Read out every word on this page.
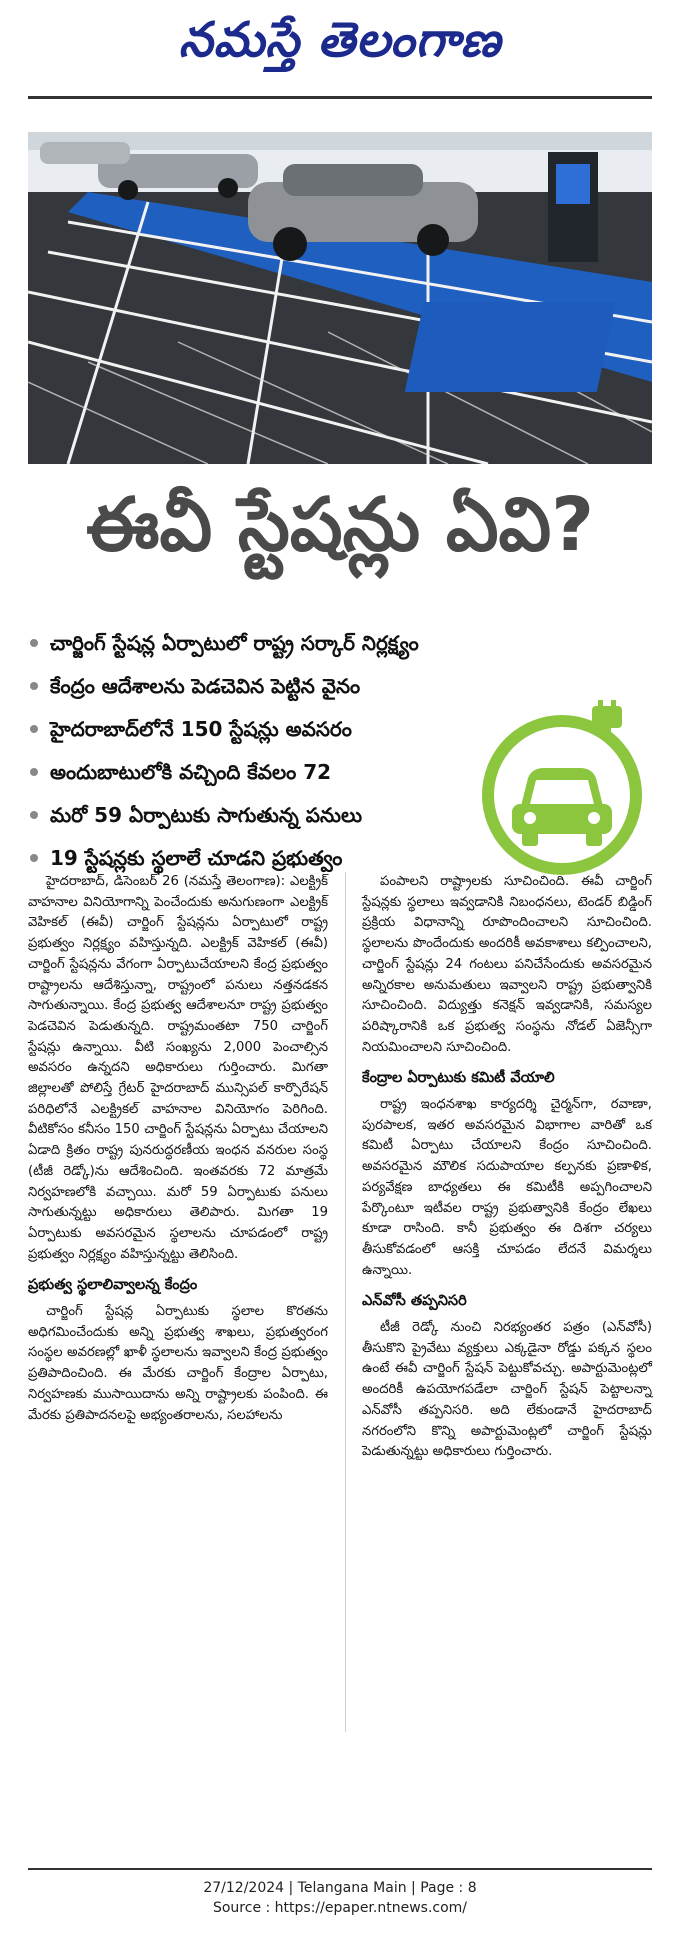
నమస్తే తెలంగాణ
ఈవీ స్టేషన్లు ఏవి?
చార్జింగ్ స్టేషన్ల ఏర్పాటులో రాష్ట్ర సర్కార్ నిర్లక్ష్యం
కేంద్రం ఆదేశాలను పెడచెవిన పెట్టిన వైనం
హైదరాబాద్‌లోనే 150 స్టేషన్లు అవసరం
అందుబాటులోకి వచ్చింది కేవలం 72
మరో 59 ఏర్పాటుకు సాగుతున్న పనులు
19 స్టేషన్లకు స్థలాలే చూడని ప్రభుత్వం

హైదరాబాద్, డిసెంబర్ 26 (నమస్తే తెలంగాణ): ఎలక్ట్రిక్ వాహనాల వినియోగాన్ని పెంచేందుకు అనుగుణంగా ఎలక్ట్రిక్ వెహికల్ (ఈవీ) చార్జింగ్ స్టేషన్లను ఏర్పాటులో రాష్ట్ర ప్రభుత్వం నిర్లక్ష్యం వహిస్తున్నది. ఎలక్ట్రిక్ వెహికల్ (ఈవీ) చార్జింగ్ స్టేషన్లను వేగంగా ఏర్పాటుచేయాలని కేంద్ర ప్రభుత్వం రాష్ట్రాలను ఆదేశిస్తున్నా, రాష్ట్రంలో పనులు నత్తనడకన సాగుతున్నాయి. కేంద్ర ప్రభుత్వ ఆదేశాలనూ రాష్ట్ర ప్రభుత్వం పెడచెవిన పెడుతున్నది. రాష్ట్రమంతటా 750 చార్జింగ్ స్టేషన్లు ఉన్నాయి. వీటి సంఖ్యను 2,000 పెంచాల్సిన అవసరం ఉన్నదని అధికారులు గుర్తించారు. మిగతా జిల్లాలతో పోలిస్తే గ్రేటర్ హైదరాబాద్ మున్సిపల్ కార్పొరేషన్ పరిధిలోనే ఎలక్ట్రికల్ వాహనాల వినియోగం పెరిగింది. వీటికోసం కనీసం 150 చార్జింగ్ స్టేషన్లను ఏర్పాటు చేయాలని ఏడాది క్రితం రాష్ట్ర పునరుద్ధరణీయ ఇంధన వనరుల సంస్థ (టీజీ రెడ్కో)ను ఆదేశించింది. ఇంతవరకు 72 మాత్రమే నిర్వహణలోకి వచ్చాయి. మరో 59 ఏర్పాటుకు పనులు సాగుతున్నట్టు అధికారులు తెలిపారు. మిగతా 19 ఏర్పాటుకు అవసరమైన స్థలాలను చూపడంలో రాష్ట్ర ప్రభుత్వం నిర్లక్ష్యం వహిస్తున్నట్టు తెలిసింది.

ప్రభుత్వ స్థలాలివ్వాలన్న కేంద్రం

చార్జింగ్ స్టేషన్ల ఏర్పాటుకు స్థలాల కొరతను అధిగమించేందుకు అన్ని ప్రభుత్వ శాఖలు, ప్రభుత్వరంగ సంస్థల అవరణల్లో ఖాళీ స్థలాలను ఇవ్వాలని కేంద్ర ప్రభుత్వం ప్రతిపాదించింది. ఈ మేరకు చార్జింగ్ కేంద్రాల ఏర్పాటు, నిర్వహణకు ముసాయిదాను అన్ని రాష్ట్రాలకు పంపింది. ఈ మేరకు ప్రతిపాదనలపై అభ్యంతరాలను, సలహాలను

పంపాలని రాష్ట్రాలకు సూచించింది. ఈవీ చార్జింగ్ స్టేషన్లకు స్థలాలు ఇవ్వడానికి నిబంధనలు, టెండర్ బిడ్డింగ్ ప్రక్రియ విధానాన్ని రూపొందించాలని సూచించింది. స్థలాలను పొందేందుకు అందరికీ అవకాశాలు కల్పించాలని, చార్జింగ్ స్టేషన్లు 24 గంటలు పనిచేసేందుకు అవసరమైన అన్నిరకాల అనుమతులు ఇవ్వాలని రాష్ట్ర ప్రభుత్వానికి సూచించింది. విద్యుత్తు కనెక్షన్ ఇవ్వడానికి, సమస్యల పరిష్కారానికి ఒక ప్రభుత్వ సంస్థను నోడల్ ఏజెన్సీగా నియమించాలని సూచించింది.

కేంద్రాల ఏర్పాటుకు కమిటీ వేయాలి

రాష్ట్ర ఇంధనశాఖ కార్యదర్శి చైర్మన్‌గా, రవాణా, పురపాలక, ఇతర అవసరమైన విభాగాల వారితో ఒక కమిటీ ఏర్పాటు చేయాలని కేంద్రం సూచించింది. అవసరమైన మౌలిక సదుపాయాల కల్పనకు ప్రణాళిక, పర్యవేక్షణ బాధ్యతలు ఈ కమిటీకి అప్పగించాలని పేర్కొంటూ ఇటీవల రాష్ట్ర ప్రభుత్వానికి కేంద్రం లేఖలు కూడా రాసింది. కానీ ప్రభుత్వం ఈ దిశగా చర్యలు తీసుకోవడంలో ఆసక్తి చూపడం లేదనే విమర్శలు ఉన్నాయి.

ఎన్‌వోసీ తప్పనిసరి

టీజీ రెడ్కో నుంచి నిరభ్యంతర పత్రం (ఎన్‌వోసీ) తీసుకొని ప్రైవేటు వ్యక్తులు ఎక్కడైనా రోడ్డు పక్కన స్థలం ఉంటే ఈవీ చార్జింగ్ స్టేషన్ పెట్టుకోవచ్చు. అపార్టుమెంట్లలో అందరికీ ఉపయోగపడేలా చార్జింగ్ స్టేషన్ పెట్టాలన్నా ఎన్‌వోసీ తప్పనిసరి. అది లేకుండానే హైదరాబాద్ నగరంలోని కొన్ని అపార్టుమెంట్లలో చార్జింగ్ స్టేషన్లు పెడుతున్నట్టు అధికారులు గుర్తించారు.

27/12/2024 | Telangana Main | Page : 8
Source : https://epaper.ntnews.com/
